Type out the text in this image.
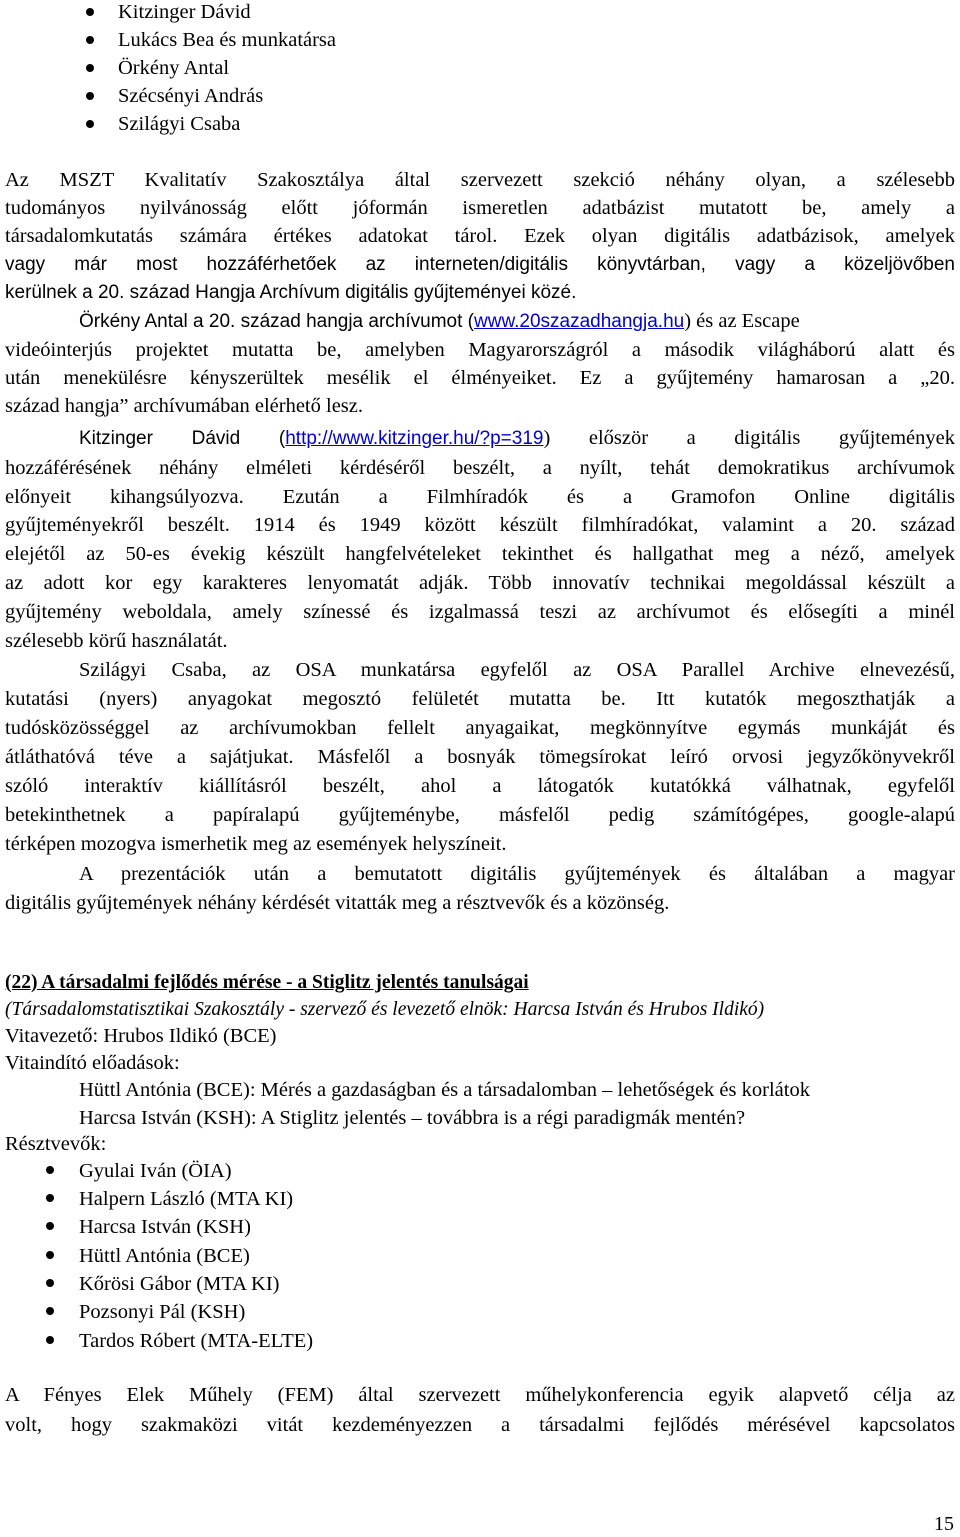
Kitzinger Dávid
Lukács Bea és munkatársa
Örkény Antal
Szécsényi András
Szilágyi Csaba
Az MSZT Kvalitatív Szakosztálya által szervezett szekció néhány olyan, a szélesebb
tudományos nyilvánosság előtt jóformán ismeretlen adatbázist mutatott be, amely a
társadalomkutatás számára értékes adatokat tárol. Ezek olyan digitális adatbázisok, amelyek
vagy már most hozzáférhetőek az interneten/digitális könyvtárban, vagy a közeljövőben
kerülnek a 20. század Hangja Archívum digitális gyűjteményei közé.
Örkény Antal a 20. század hangja archívumot (www.20szazadhangja.hu) és az Escape
videóinterjús projektet mutatta be, amelyben Magyarországról a második világháború alatt és
után menekülésre kényszerültek mesélik el élményeiket. Ez a gyűjtemény hamarosan a „20.
század hangja” archívumában elérhető lesz.
Kitzinger Dávid (http://www.kitzinger.hu/?p=319) először a digitális gyűjtemények
hozzáférésének néhány elméleti kérdéséről beszélt, a nyílt, tehát demokratikus archívumok
előnyeit kihangsúlyozva. Ezután a Filmhíradók és a Gramofon Online digitális
gyűjteményekről beszélt. 1914 és 1949 között készült filmhíradókat, valamint a 20. század
elejétől az 50-es évekig készült hangfelvételeket tekinthet és hallgathat meg a néző, amelyek
az adott kor egy karakteres lenyomatát adják. Több innovatív technikai megoldással készült a
gyűjtemény weboldala, amely színessé és izgalmassá teszi az archívumot és elősegíti a minél
szélesebb körű használatát.
Szilágyi Csaba, az OSA munkatársa egyfelől az OSA Parallel Archive elnevezésű,
kutatási (nyers) anyagokat megosztó felületét mutatta be. Itt kutatók megoszthatják a
tudósközösséggel az archívumokban fellelt anyagaikat, megkönnyítve egymás munkáját és
átláthatóvá téve a sajátjukat. Másfelől a bosnyák tömegsírokat leíró orvosi jegyzőkönyvekről
szóló interaktív kiállításról beszélt, ahol a látogatók kutatókká válhatnak, egyfelől
betekinthetnek a papíralapú gyűjteménybe, másfelől pedig számítógépes, google-alapú
térképen mozogva ismerhetik meg az események helyszíneit.
A prezentációk után a bemutatott digitális gyűjtemények és általában a magyar
digitális gyűjtemények néhány kérdését vitatták meg a résztvevők és a közönség.
(22) A társadalmi fejlődés mérése - a Stiglitz jelentés tanulságai
(Társadalomstatisztikai Szakosztály - szervező és levezető elnök: Harcsa István és Hrubos Ildikó)
Vitavezető: Hrubos Ildikó (BCE)
Vitaindító előadások:
Hüttl Antónia (BCE): Mérés a gazdaságban és a társadalomban – lehetőségek és korlátok
Harcsa István (KSH): A Stiglitz jelentés – továbbra is a régi paradigmák mentén?
Résztvevők:
Gyulai Iván (ÖIA)
Halpern László (MTA KI)
Harcsa István (KSH)
Hüttl Antónia (BCE)
Kőrösi Gábor (MTA KI)
Pozsonyi Pál (KSH)
Tardos Róbert (MTA-ELTE)
A Fényes Elek Műhely (FEM) által szervezett műhelykonferencia egyik alapvető célja az
volt, hogy szakmaközi vitát kezdeményezzen a társadalmi fejlődés mérésével kapcsolatos
15
